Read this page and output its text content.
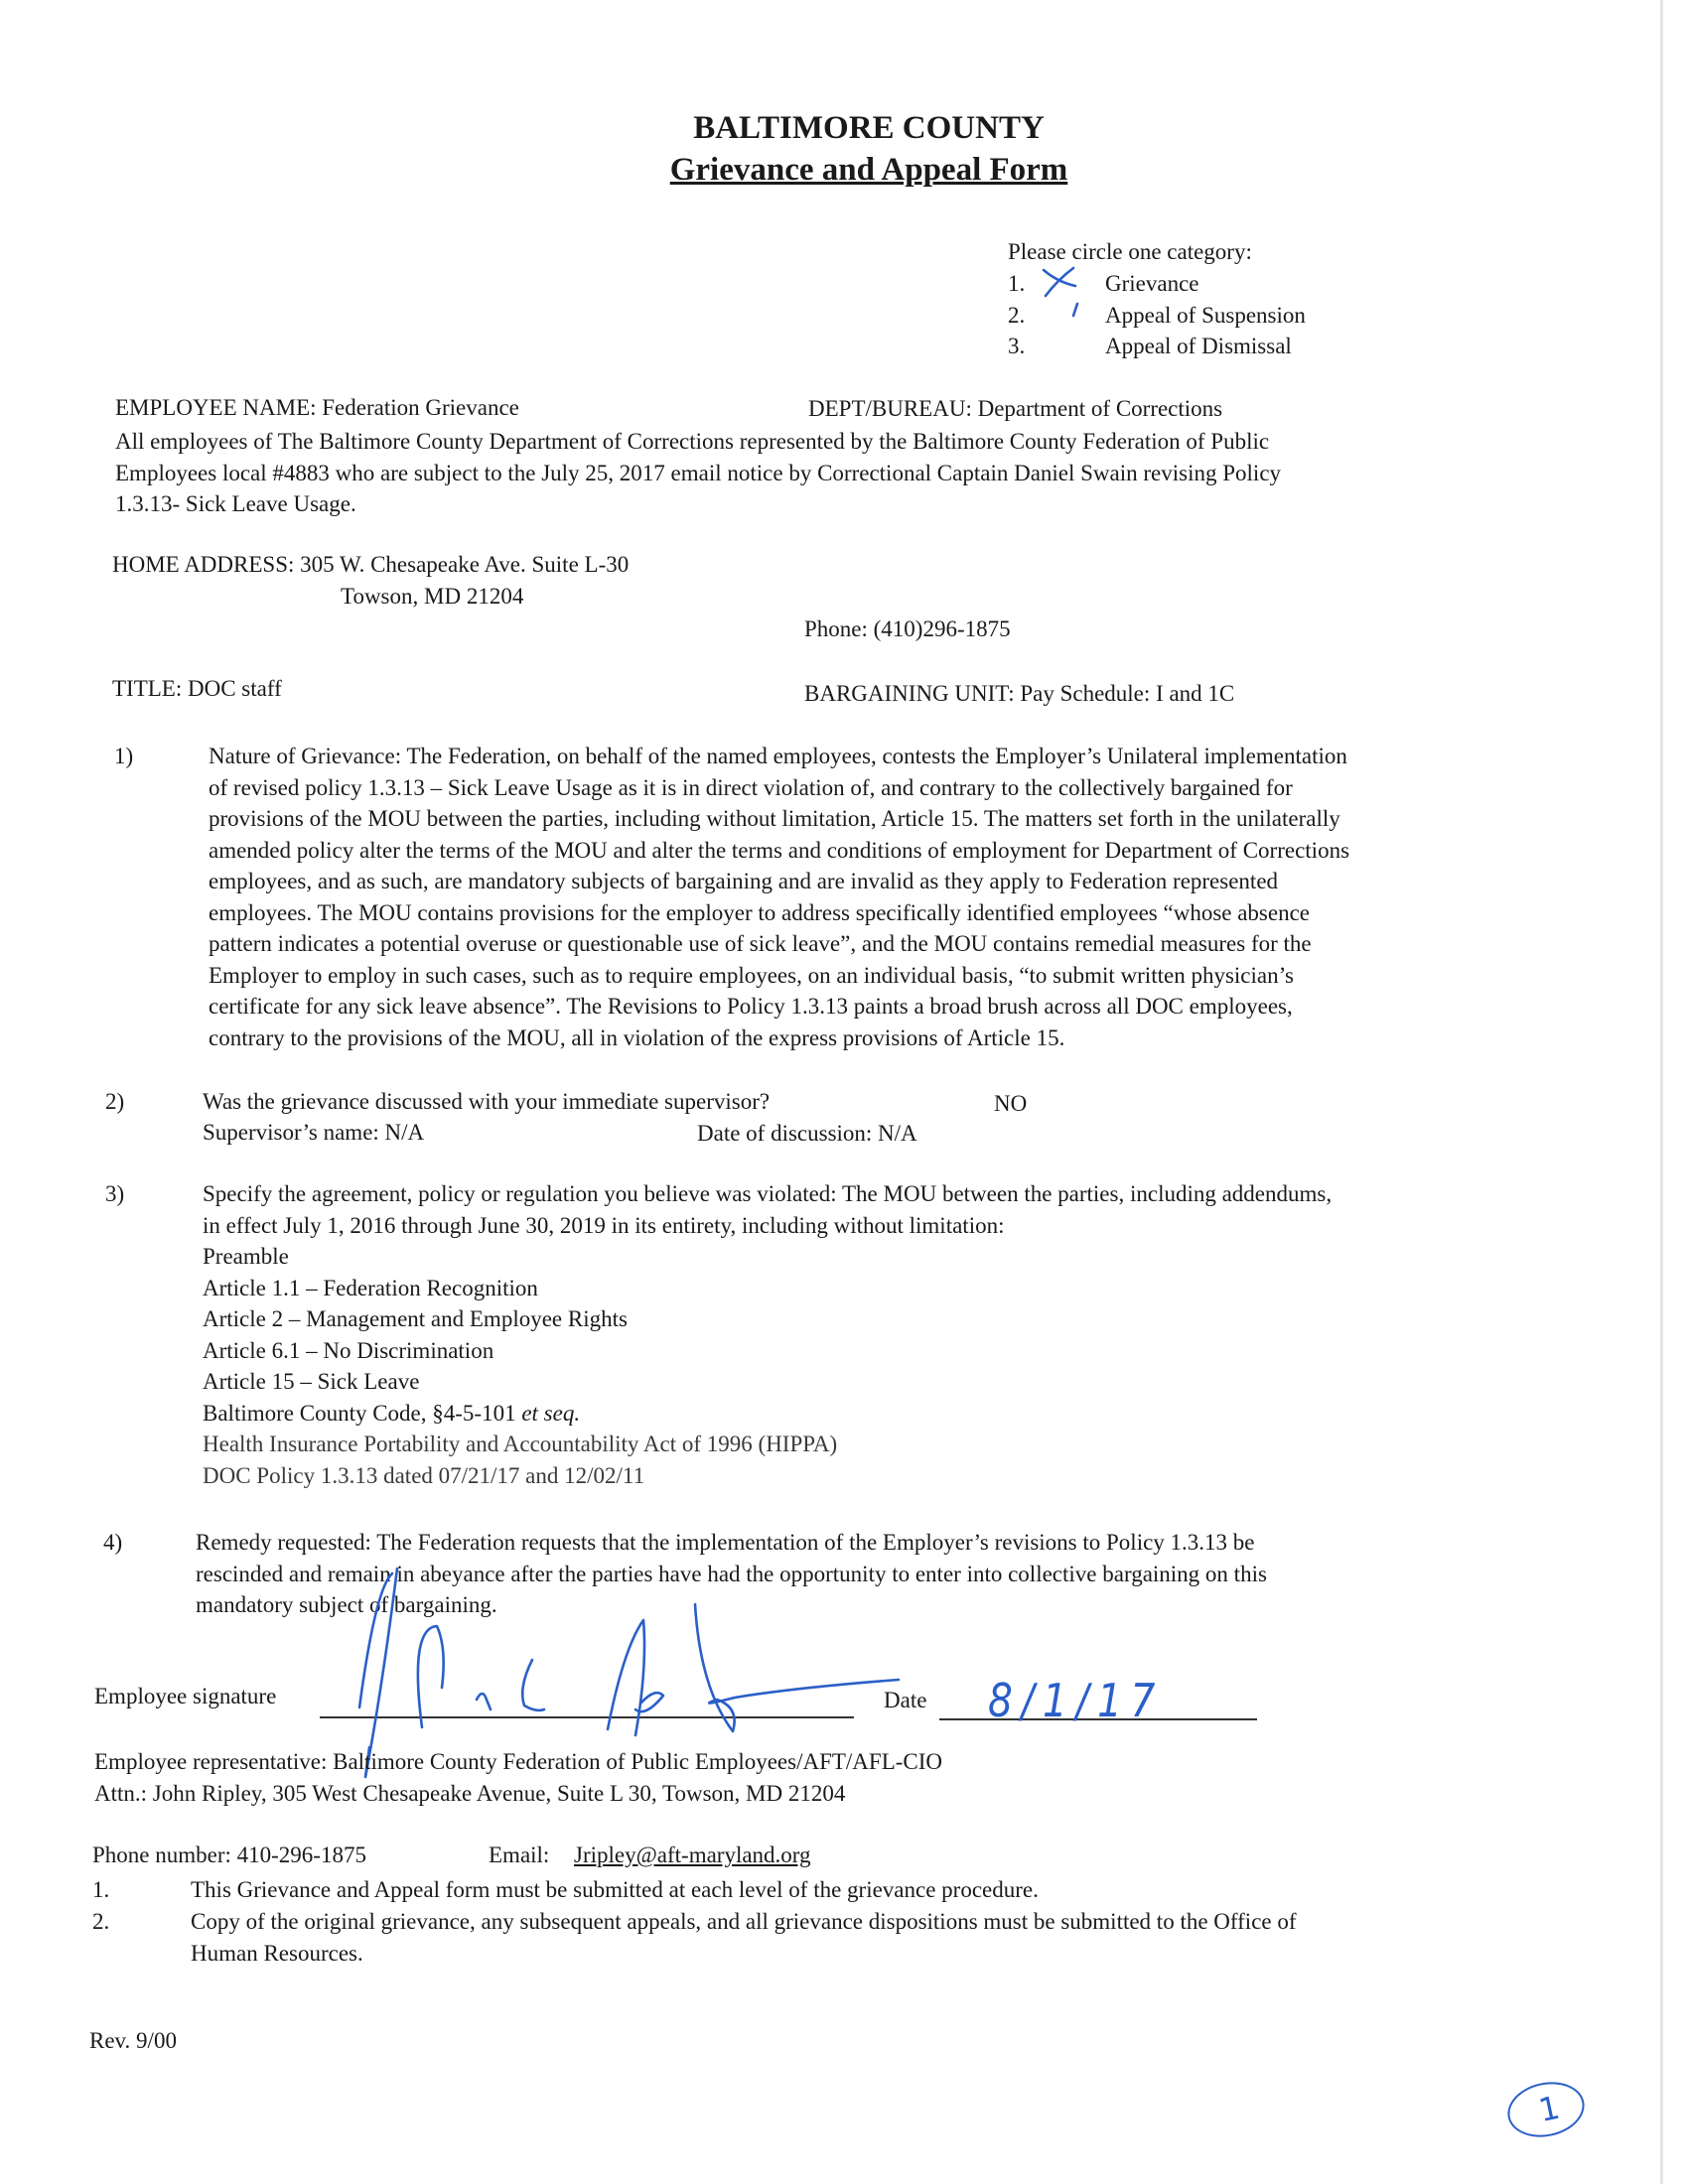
BALTIMORE COUNTY
Grievance and Appeal Form
Please circle one category:
1.	Grievance
2.	Appeal of Suspension
3.	Appeal of Dismissal
EMPLOYEE NAME: Federation Grievance	DEPT/BUREAU: Department of Corrections
All employees of The Baltimore County Department of Corrections represented by the Baltimore County Federation of Public
Employees local #4883 who are subject to the July 25, 2017 email notice by Correctional Captain Daniel Swain revising Policy
1.3.13- Sick Leave Usage.
HOME ADDRESS: 305 W. Chesapeake Ave. Suite L-30
Towson, MD 21204
Phone: (410)296-1875
TITLE: DOC staff	BARGAINING UNIT: Pay Schedule: I and 1C
1)	Nature of Grievance: The Federation, on behalf of the named employees, contests the Employer’s Unilateral implementation
of revised policy 1.3.13 – Sick Leave Usage as it is in direct violation of, and contrary to the collectively bargained for
provisions of the MOU between the parties, including without limitation, Article 15. The matters set forth in the unilaterally
amended policy alter the terms of the MOU and alter the terms and conditions of employment for Department of Corrections
employees, and as such, are mandatory subjects of bargaining and are invalid as they apply to Federation represented
employees. The MOU contains provisions for the employer to address specifically identified employees “whose absence
pattern indicates a potential overuse or questionable use of sick leave”, and the MOU contains remedial measures for the
Employer to employ in such cases, such as to require employees, on an individual basis, “to submit written physician’s
certificate for any sick leave absence”. The Revisions to Policy 1.3.13 paints a broad brush across all DOC employees,
contrary to the provisions of the MOU, all in violation of the express provisions of Article 15.
2)	Was the grievance discussed with your immediate supervisor?	NO
Supervisor’s name: N/A	Date of discussion: N/A
3)	Specify the agreement, policy or regulation you believe was violated: The MOU between the parties, including addendums,
in effect July 1, 2016 through June 30, 2019 in its entirety, including without limitation:
Preamble
Article 1.1 – Federation Recognition
Article 2 – Management and Employee Rights
Article 6.1 – No Discrimination
Article 15 – Sick Leave
Baltimore County Code, §4-5-101 et seq.
Health Insurance Portability and Accountability Act of 1996 (HIPPA)
DOC Policy 1.3.13 dated 07/21/17 and 12/02/11
4)	Remedy requested: The Federation requests that the implementation of the Employer’s revisions to Policy 1.3.13 be
rescinded and remain in abeyance after the parties have had the opportunity to enter into collective bargaining on this
mandatory subject of bargaining.
Employee signature	Date 8/1/17
Employee representative: Baltimore County Federation of Public Employees/AFT/AFL-CIO
Attn.: John Ripley, 305 West Chesapeake Avenue, Suite L 30, Towson, MD 21204
Phone number: 410-296-1875	Email: Jripley@aft-maryland.org
1.	This Grievance and Appeal form must be submitted at each level of the grievance procedure.
2.	Copy of the original grievance, any subsequent appeals, and all grievance dispositions must be submitted to the Office of
Human Resources.
Rev. 9/00
1
